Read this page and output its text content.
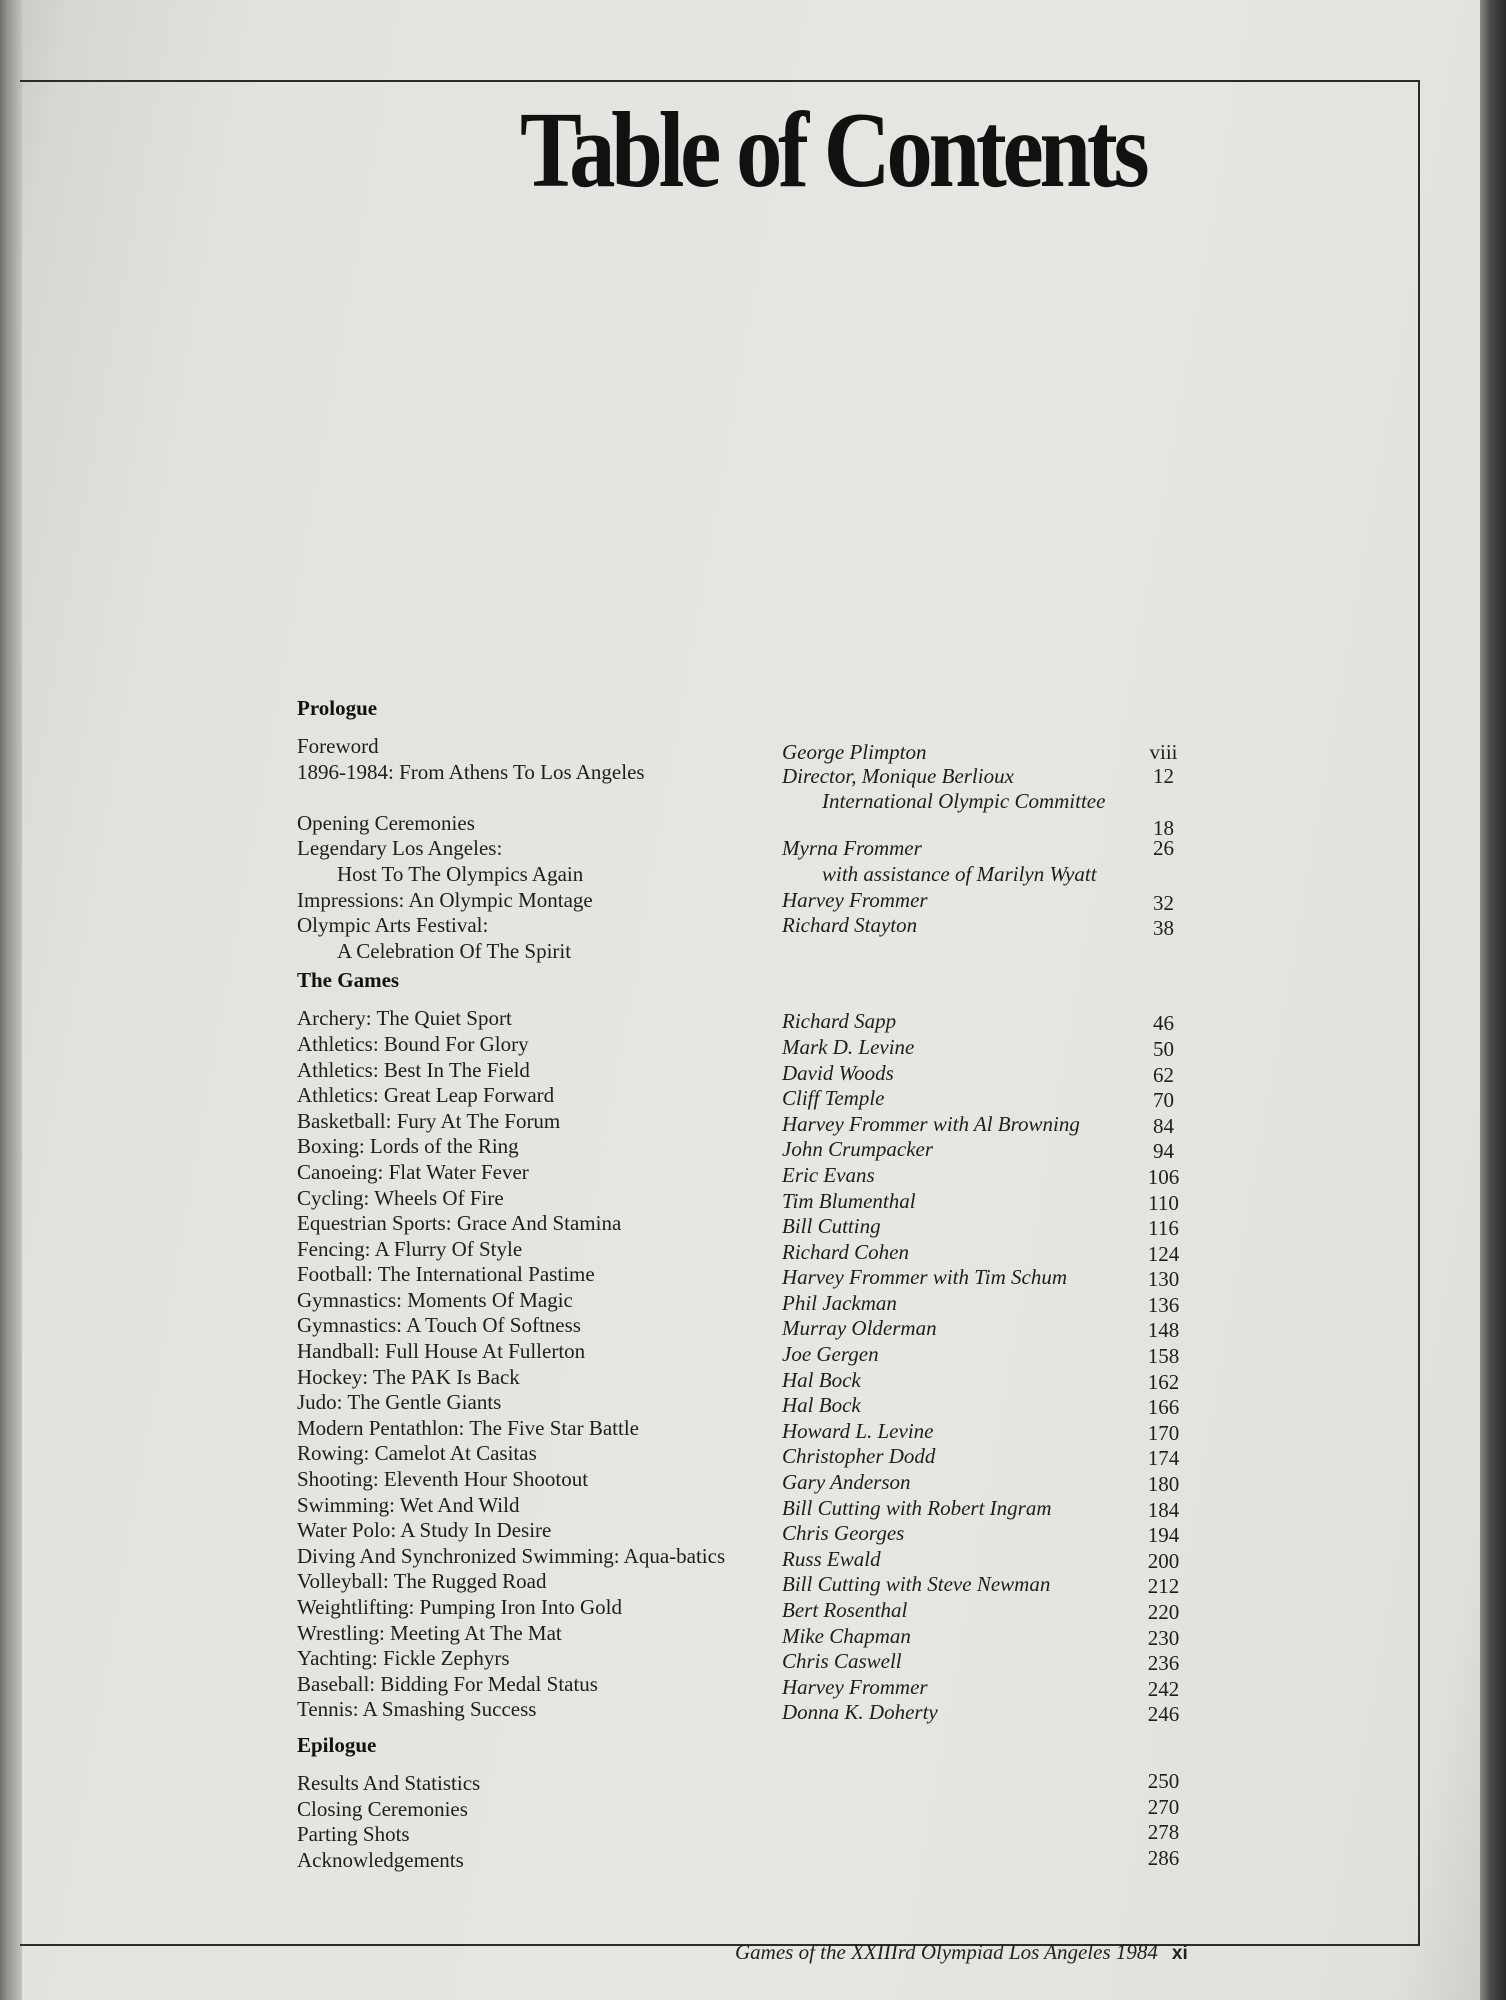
Table of Contents
Prologue
Foreword	George Plimpton	viii
1896-1984: From Athens To Los Angeles	Director, Monique Berlioux	12
International Olympic Committee
Opening Ceremonies	18
Legendary Los Angeles:	Myrna Frommer	26
Host To The Olympics Again	with assistance of Marilyn Wyatt
Impressions: An Olympic Montage	Harvey Frommer	32
Olympic Arts Festival:	Richard Stayton	38
A Celebration Of The Spirit
The Games
Archery: The Quiet Sport	Richard Sapp	46
Athletics: Bound For Glory	Mark D. Levine	50
Athletics: Best In The Field	David Woods	62
Athletics: Great Leap Forward	Cliff Temple	70
Basketball: Fury At The Forum	Harvey Frommer with Al Browning	84
Boxing: Lords of the Ring	John Crumpacker	94
Canoeing: Flat Water Fever	Eric Evans	106
Cycling: Wheels Of Fire	Tim Blumenthal	110
Equestrian Sports: Grace And Stamina	Bill Cutting	116
Fencing: A Flurry Of Style	Richard Cohen	124
Football: The International Pastime	Harvey Frommer with Tim Schum	130
Gymnastics: Moments Of Magic	Phil Jackman	136
Gymnastics: A Touch Of Softness	Murray Olderman	148
Handball: Full House At Fullerton	Joe Gergen	158
Hockey: The PAK Is Back	Hal Bock	162
Judo: The Gentle Giants	Hal Bock	166
Modern Pentathlon: The Five Star Battle	Howard L. Levine	170
Rowing: Camelot At Casitas	Christopher Dodd	174
Shooting: Eleventh Hour Shootout	Gary Anderson	180
Swimming: Wet And Wild	Bill Cutting with Robert Ingram	184
Water Polo: A Study In Desire	Chris Georges	194
Diving And Synchronized Swimming: Aqua-batics	Russ Ewald	200
Volleyball: The Rugged Road	Bill Cutting with Steve Newman	212
Weightlifting: Pumping Iron Into Gold	Bert Rosenthal	220
Wrestling: Meeting At The Mat	Mike Chapman	230
Yachting: Fickle Zephyrs	Chris Caswell	236
Baseball: Bidding For Medal Status	Harvey Frommer	242
Tennis: A Smashing Success	Donna K. Doherty	246
Epilogue
Results And Statistics	250
Closing Ceremonies	270
Parting Shots	278
Acknowledgements	286
Games of the XXIIIrd Olympiad Los Angeles 1984 xi
